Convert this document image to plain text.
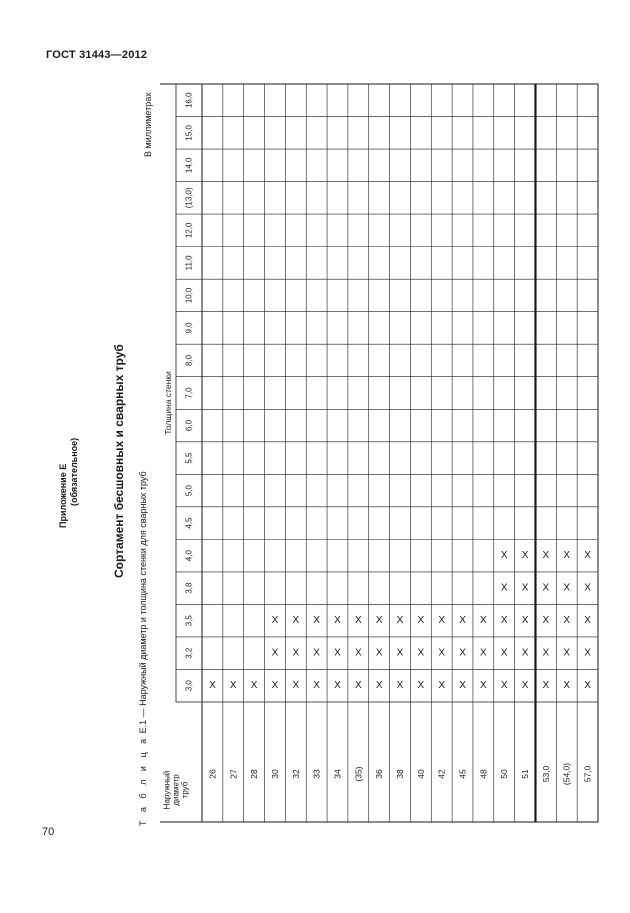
ГОСТ 31443—2012
Приложение Е (обязательное)	Сортамент бесшовных и сварных труб
Т а б л и ц а Е.1 — Наружный диаметр и толщина стенки для сварных труб
В миллиметрах
Наружный диаметр труб
Толщина стенки
3,0
3,2
3,5
3,8
4,0
4,5
5,0
5,5
6,0
7,0
8,0
9,0
10,0
11,0
12,0
(13,0)
14,0
15,0
16,0
26
X
27
X
28
X
30
X
X
X
32
X
X
X
33
X
X
X
34
X
X
X
(35)
X
X
X
36
X
X
X
38
X
X
X
40
X
X
X
42
X
X
X
45
X
X
X
48
X
X
X
50
X
X
X
X
X
51
X
X
X
X
X
53,0
X
X
X
X
X
(54,0)
X
X
X
X
X
57,0
X
X
X
X
X
70
